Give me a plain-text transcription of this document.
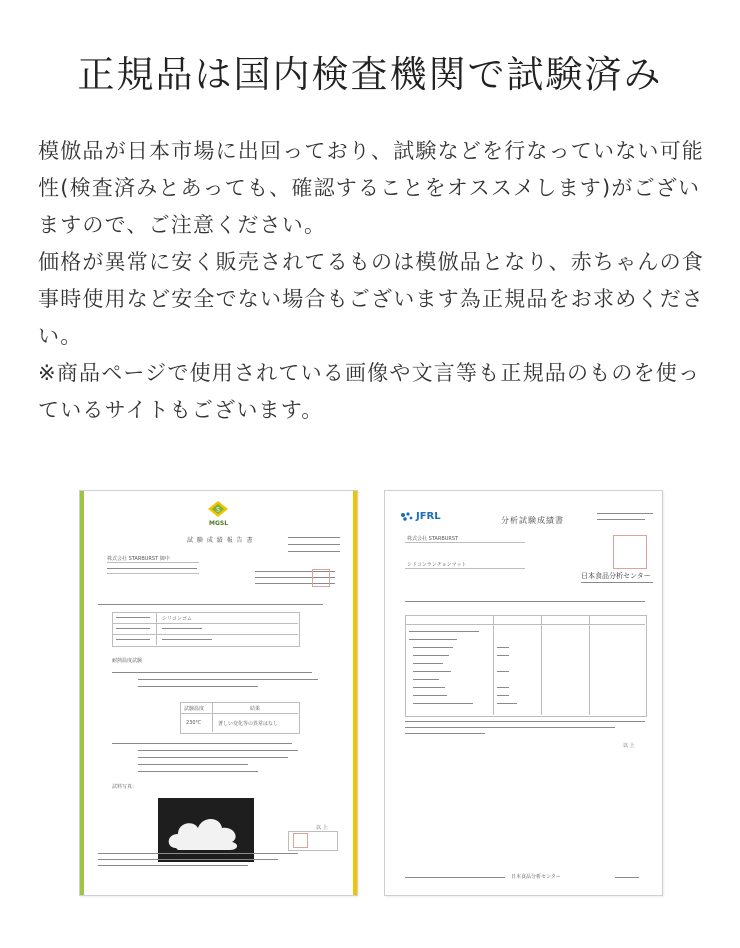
正規品は国内検査機関で試験済み

模倣品が日本市場に出回っており、試験などを行なっていない可能性(検査済みとあっても、確認することをオススメします)がございますので、ご注意ください。

価格が異常に安く販売されてるものは模倣品となり、赤ちゃんの食事時使用など安全でない場合もございます為正規品をお求めください。

※商品ページで使用されている画像や文言等も正規品のものを使っているサイトもございます。

S
MGSL
試 験 成 績 報 告 書
株式会社 STARBURST 御中
シリコンゴム
耐熱温度試験
試験温度	結果
230℃	著しい変化等の異常はなし
試料写真：
以 上
JFRL	分析試験成績書
株式会社 STARBURST
シドコンランチョンマット
日本食品分析センター
以 上
日本食品分析センター
